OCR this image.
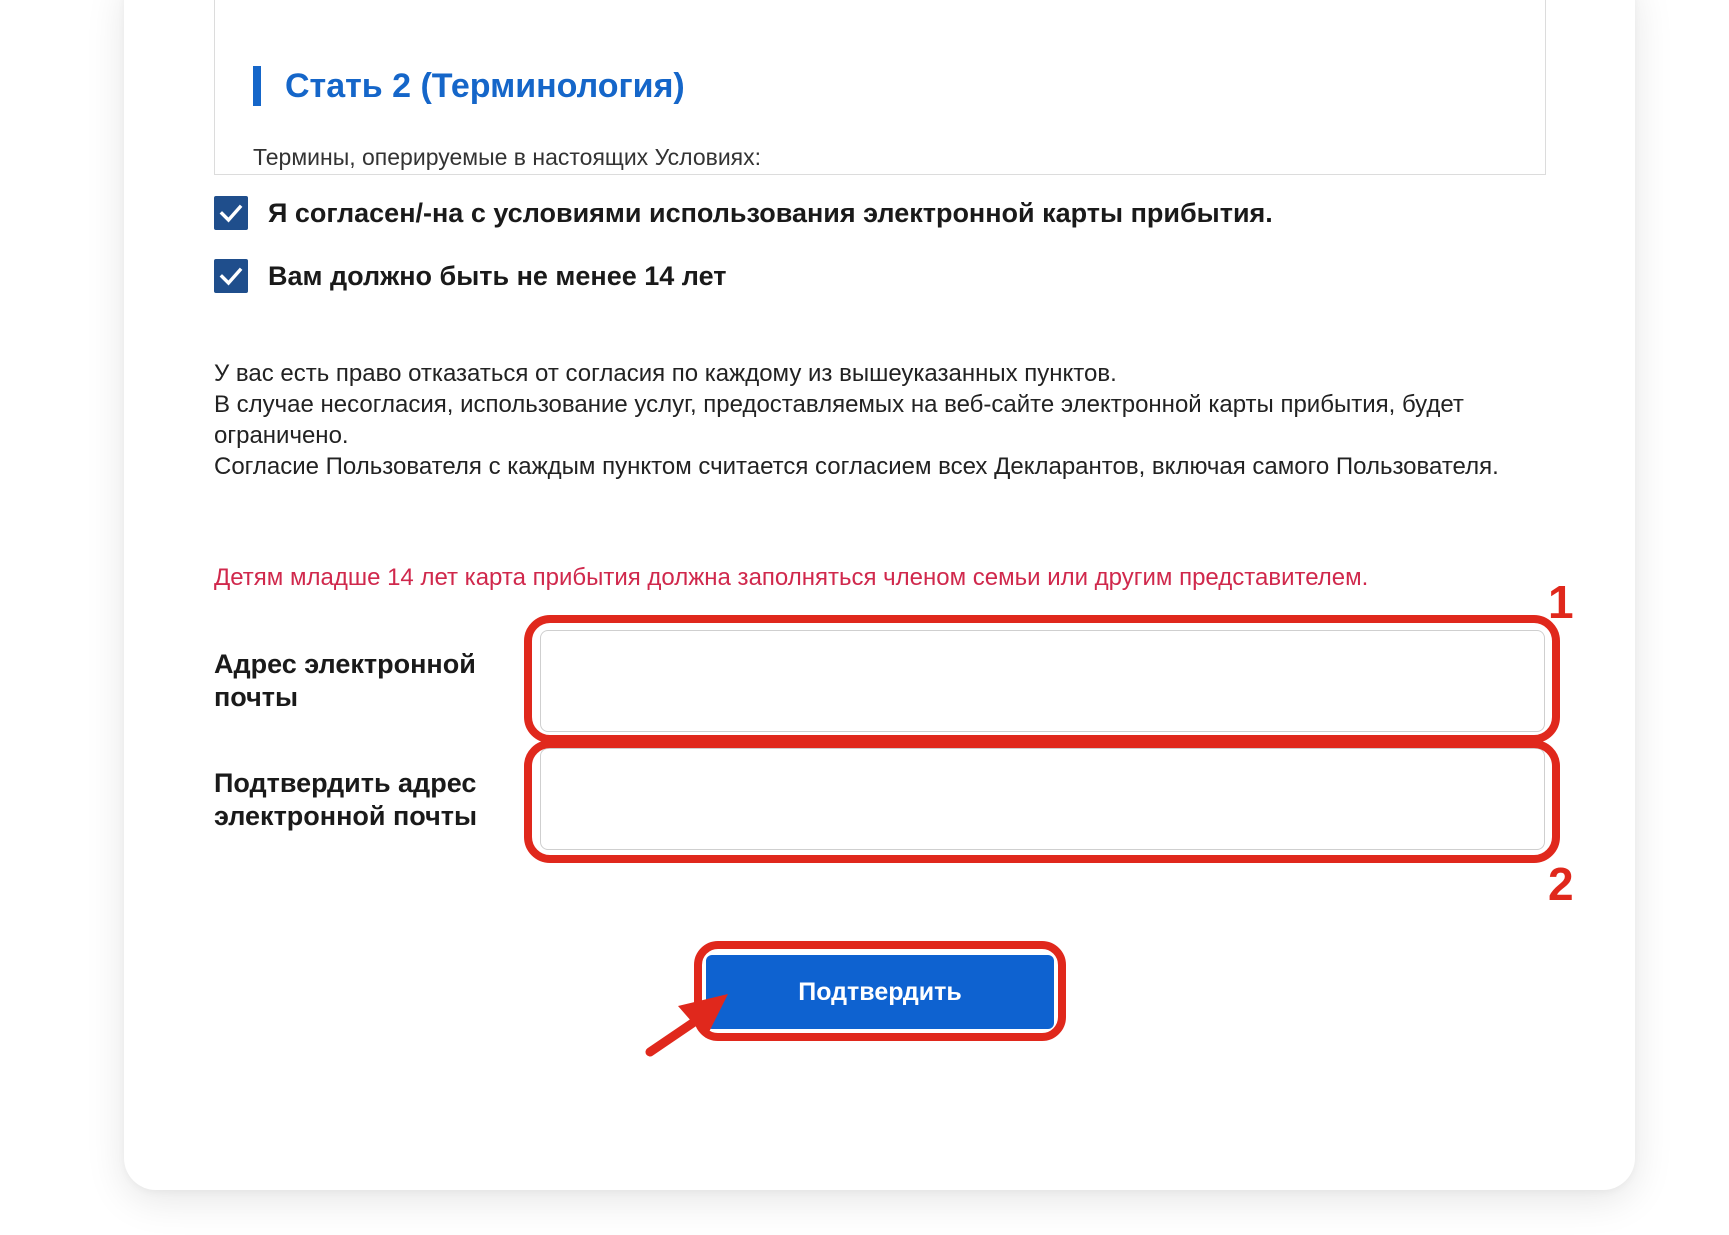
Стать 2 (Терминология)
Термины, оперируемые в настоящих Условиях:
Я согласен/-на с условиями использования электронной карты прибытия.
Вам должно быть не менее 14 лет

У вас есть право отказаться от согласия по каждому из вышеуказанных пунктов.

В случае несогласия, использование услуг, предоставляемых на веб-сайте электронной карты прибытия, будет ограничено.

Согласие Пользователя с каждым пунктом считается согласием всех Декларантов, включая самого Пользователя.

Детям младше 14 лет карта прибытия должна заполняться членом семьи или другим представителем.
Адрес электронной почты
Подтвердить адрес электронной почты
Подтвердить
1
2
